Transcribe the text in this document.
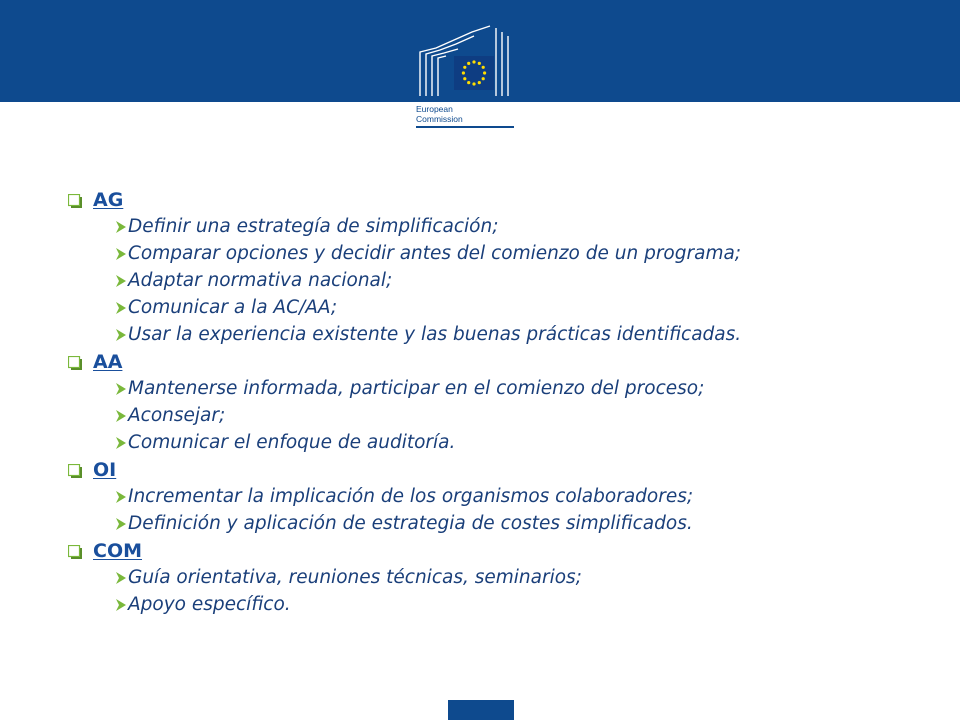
European
Commission
AG
Definir una estrategía de simplificación;
Comparar opciones y decidir antes del comienzo de un programa;
Adaptar normativa nacional;
Comunicar a la AC/AA;
Usar la experiencia existente y las buenas prácticas identificadas.
AA
Mantenerse informada, participar en el comienzo del proceso;
Aconsejar;
Comunicar el enfoque de auditoría.
OI
Incrementar la implicación de los organismos colaboradores;
Definición y aplicación de estrategia de costes simplificados.
COM
Guía orientativa, reuniones técnicas, seminarios;
Apoyo específico.
